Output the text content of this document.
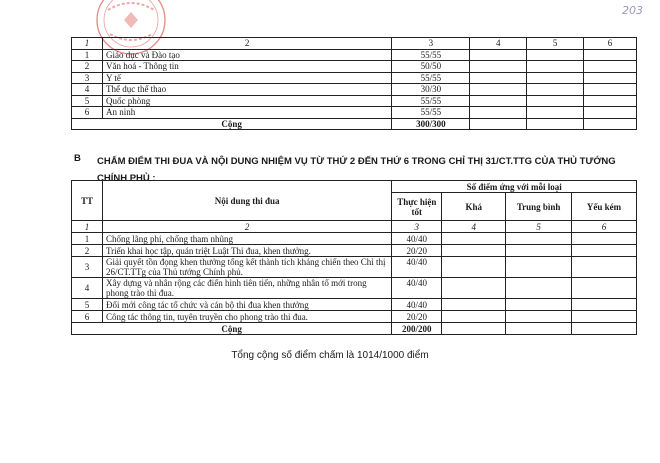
203
1	2	3	4	5	6
1	Giáo dục và Đào tạo	55/55			
2	Văn hoá - Thông tin	50/50			
3	Y tế	55/55			
4	Thể dục thể thao	30/30			
5	Quốc phòng	55/55			
6	An ninh	55/55			
Cộng		300/300			
B CHẤM ĐIỂM THI ĐUA VÀ NỘI DUNG NHIỆM VỤ TỪ THỨ 2 ĐẾN THỨ 6 TRONG CHỈ THỊ 31/CT.TTG CỦA THỦ TƯỚNG CHÍNH PHỦ :
TT	Nội dung thi đua	Số điểm ứng với mỗi loại			
		Thực hiện tốt	Khá	Trung bình	Yếu kém
1	2	3	4	5	6
1	Chống lãng phí, chống tham nhũng	40/40			
2	Triển khai học tập, quán triệt Luật Thi đua, khen thưởng.	20/20			
3	Giải quyết tồn đọng khen thưởng tổng kết thành tích kháng chiến theo Chỉ thị 26/CT.TTg của Thủ tướng Chính phủ.	40/40			
4	Xây dựng và nhân rộng các điển hình tiên tiến, những nhân tố mới trong phong trào thi đua.	40/40			
5	Đổi mới công tác tổ chức và cán bộ thi đua khen thưởng	40/40			
6	Công tác thông tin, tuyên truyền cho phong trào thi đua.	20/20			
Cộng		200/200			
Tổng cộng số điểm chấm là 1014/1000 điểm
